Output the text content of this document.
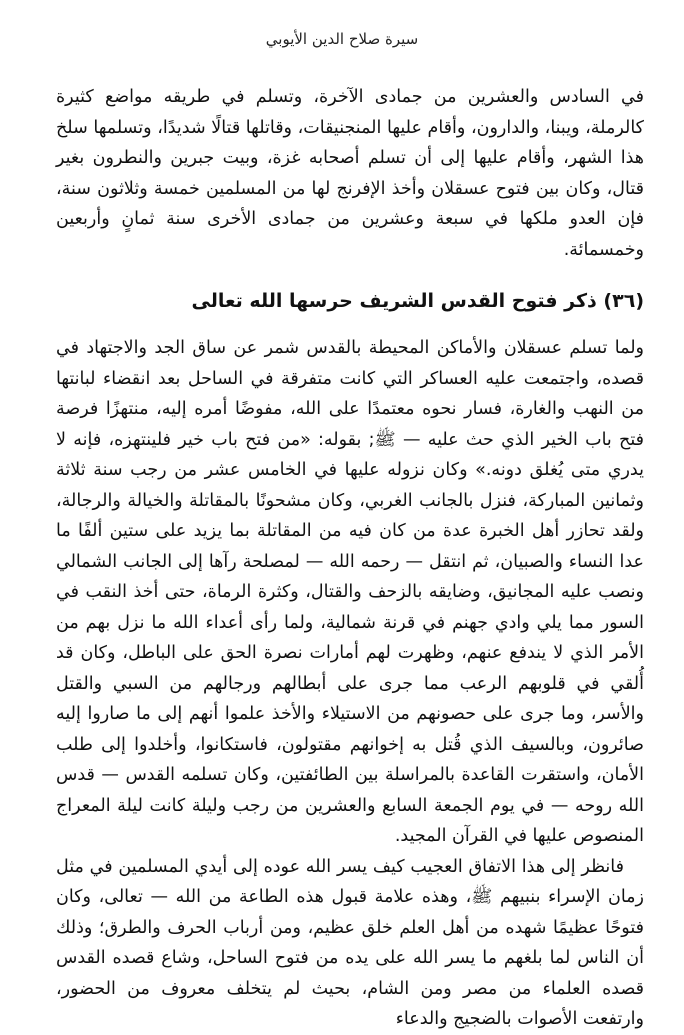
سيرة صلاح الدين الأيوبي

في السادس والعشرين من جمادى الآخرة، وتسلم في طريقه مواضع كثيرة كالرملة، ويبنا، والدارون، وأقام عليها المنجنيقات، وقاتلها قتالًا شديدًا، وتسلمها سلخ هذا الشهر، وأقام عليها إلى أن تسلم أصحابه غزة، وبيت جبرين والنطرون بغير قتال، وكان بين فتوح عسقلان وأخذ الإفرنج لها من المسلمين خمسة وثلاثون سنة، فإن العدو ملكها في سبعة وعشرين من جمادى الأخرى سنة ثمانٍ وأربعين وخمسمائة.

(٣٦) ذكر فتوح القدس الشريف حرسها الله تعالى

ولما تسلم عسقلان والأماكن المحيطة بالقدس شمر عن ساق الجد والاجتهاد في قصده، واجتمعت عليه العساكر التي كانت متفرقة في الساحل بعد انقضاء لبانتها من النهب والغارة، فسار نحوه معتمدًا على الله، مفوضًا أمره إليه، منتهزًا فرصة فتح باب الخير الذي حث عليه — ﷺ; بقوله: «من فتح باب خير فلينتهزه، فإنه لا يدري متى يُغلق دونه.» وكان نزوله عليها في الخامس عشر من رجب سنة ثلاثة وثمانين المباركة، فنزل بالجانب الغربي، وكان مشحونًا بالمقاتلة والخيالة والرجالة، ولقد تحازر أهل الخبرة عدة من كان فيه من المقاتلة بما يزيد على ستين ألفًا ما عدا النساء والصبيان، ثم انتقل — رحمه الله — لمصلحة رآها إلى الجانب الشمالي ونصب عليه المجانيق، وضايقه بالزحف والقتال، وكثرة الرماة، حتى أخذ النقب في السور مما يلي وادي جهنم في قرنة شمالية، ولما رأى أعداء الله ما نزل بهم من الأمر الذي لا يندفع عنهم، وظهرت لهم أمارات نصرة الحق على الباطل، وكان قد أُلقي في قلوبهم الرعب مما جرى على أبطالهم ورجالهم من السبي والقتل والأسر، وما جرى على حصونهم من الاستيلاء والأخذ علموا أنهم إلى ما صاروا إليه صائرون، وبالسيف الذي قُتل به إخوانهم مقتولون، فاستكانوا، وأخلدوا إلى طلب الأمان، واستقرت القاعدة بالمراسلة بين الطائفتين، وكان تسلمه القدس — قدس الله روحه — في يوم الجمعة السابع والعشرين من رجب وليلة كانت ليلة المعراج المنصوص عليها في القرآن المجيد.

فانظر إلى هذا الاتفاق العجيب كيف يسر الله عوده إلى أيدي المسلمين في مثل زمان الإسراء بنبيهم ﷺ، وهذه علامة قبول هذه الطاعة من الله — تعالى، وكان فتوحًا عظيمًا شهده من أهل العلم خلق عظيم، ومن أرباب الحرف والطرق؛ وذلك أن الناس لما بلغهم ما يسر الله على يده من فتوح الساحل، وشاع قصده القدس قصده العلماء من مصر ومن الشام، بحيث لم يتخلف معروف من الحضور، وارتفعت الأصوات بالضجيج والدعاء
